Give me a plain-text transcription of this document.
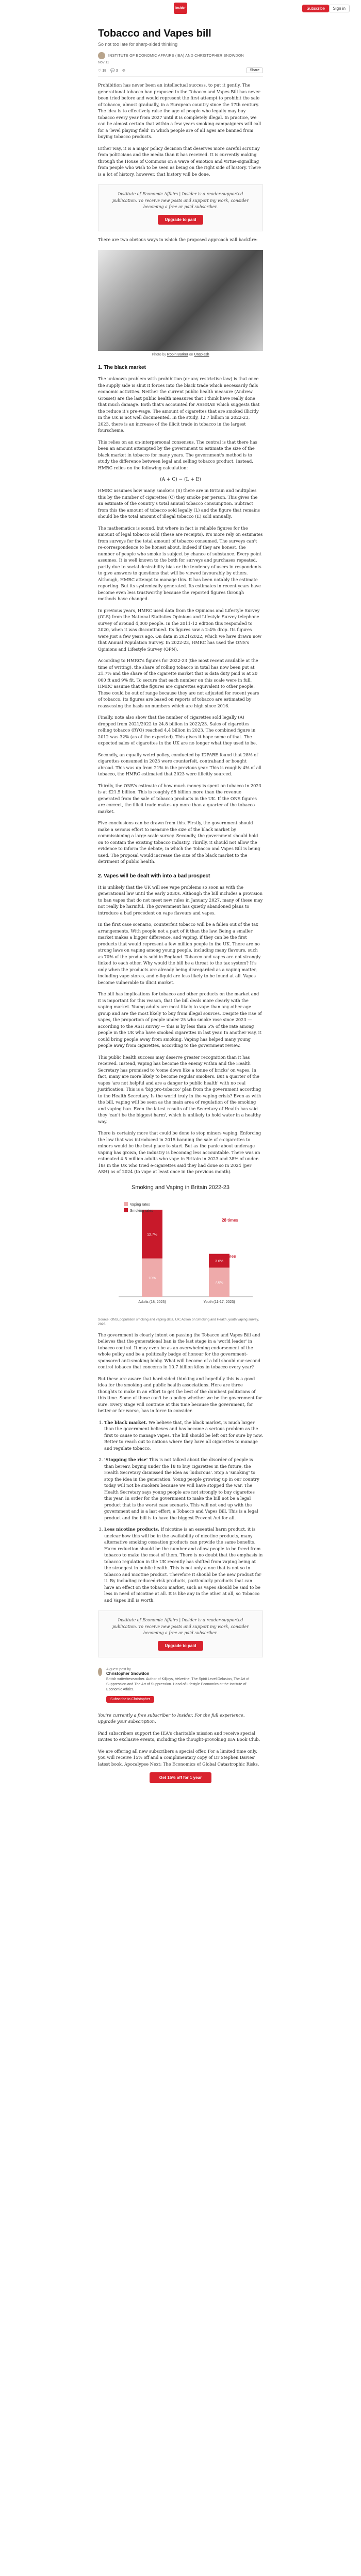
insider	Subscribe	Sign in
Tobacco and Vapes bill
So not too late for sharp-sided thinking
INSTITUTE OF ECONOMIC AFFAIRS (IEA) AND CHRISTOPHER SNOWDON
Nov 11
♡ 18 💬 3 ⟲	Share

Prohibition has never been an intellectual success, to put it gently. The generational tobacco ban proposed in the Tobacco and Vapes Bill has never been tried before and would represent the first attempt to prohibit the sale of tobacco, almost gradually, in a European country since the 17th century. The idea is to effectively raise the age of people who legally may buy tobacco every year from 2027 until it is completely illegal. In practice, we can be almost certain that within a few years smoking campaigners will call for a 'level playing field' in which people are of all ages are banned from buying tobacco products.

Either way, it is a major policy decision that deserves more careful scrutiny from politicians and the media than it has received. It is currently making through the House of Commons on a wave of emotion and virtue-signalling from people who wish to be seen as being on the right side of history. There is a lot of history, however, that history will be done.

Institute of Economic Affairs | Insider is a reader-supported publication. To receive new posts and support my work, consider becoming a free or paid subscriber.

Upgrade to paid

There are two obvious ways in which the proposed approach will backfire:

Photo by Robin Barker on Unsplash
1. The black market

The unknown problem with prohibition (or any restrictive law) is that once the supply side is shut it forces into the black trade which necessarily fails economic activities. Neither the current public health measure (Andrew Grosset) are the last public health measures that I think have really done that much damage. Both that's accounted for ASHRAE which suggests that the reduce it's pre-wage. The amount of cigarettes that are smoked illicitly in the UK is not well documented. In the study, 12.7 billion in 2022-23, 2023, there is an increase of the illicit trade in tobacco in the largest fourscheme.

This relies on an on-interpersonal consensus. The central is that there has been an amount attempted by the government to estimate the size of the black market in tobacco for many years. The government's method is to study the difference between legal and selling tobacco product. Instead, HMRC relies on the following calculation:

(A + C) − (L + E)

HMRC assumes how many smokers (S) there are in Britain and multiplies this by the number of cigarettes (C) they smoke per person. This gives the an estimate of the country's total annual tobacco consumption. Subtract from this the amount of tobacco sold legally (L) and the figure that remains should be the total amount of illegal tobacco (E) sold annually.

The mathematics is sound, but where in fact is reliable figures for the amount of legal tobacco sold (these are receipts). It's more rely on estimates from surveys for the total amount of tobacco consumed. The surveys can't re-correspondence to be honest about. Indeed if they are honest, the number of people who smoke is subject by chance of substance. Every point assumes. It is well known to the both for surveys and purchases repeated, partly due to social desirability bias or the tendency of users in respondents to give answers to questions that will be viewed favourably by others. Although, HMRC attempt to manage this. It has been notably the estimate reporting. But its systemically generated. Its estimates in recent years have become even less trustworthy because the reported figures through methods have changed.

In previous years, HMRC used data from the Opinions and Lifestyle Survey (OLS) from the National Statistics Opinions and Lifestyle Survey telephone survey of around 4,000 people. In the 2011-12 edition this responded to 2020, when it was discontinued. Its figures saw a 2-4% drop. Its figures were just a few years ago. On data in 2021/2022, which we have drawn now that Annual Population Survey. In 2022-23, HMRC has used the ONS's Opinions and Lifestyle Survey (OPN).

According to HMRC's figures for 2022-23 (the most recent available at the time of writing), the share of rolling tobacco in total has now been put at 21.7% and the share of the cigarette market that is data duty paid is at 20 000 ft and 9% fit. To secure that each number on this scale were in full, HMRC assume that the figures are cigarettes equivalent to other people. These could be out of range because they are not adjusted for recent years of tobacco. Its figures are based on reports of tobacco are estimated by reassessing the basis on numbers which are high since 2016.

Finally, note also show that the number of cigarettes sold legally (A) dropped from 2021/2022 to 24.8 billion in 2022/23. Sales of cigarettes rolling tobacco (RYO) reached 4.4 billion in 2023. The combined figure in 2012 was 32% (as of the expected). This gives it hope some of that. The expected sales of cigarettes in the UK are no longer what they used to be.

Secondly, an equally weird policy, conducted by IDPARE found that 28% of cigarettes consumed in 2023 were counterfeit, contraband or bought abroad. This was up from 21% in the previous year. This is roughly 4% of all tobacco, the HMRC estimated that 2023 were illicitly sourced.

Thirdly, the ONS's estimate of how much money is spent on tobacco in 2023 is at £21.5 billion. This is roughly £8 billion more than the revenue generated from the sale of tobacco products in the UK. If the ONS figures are correct, the illicit trade makes up more than a quarter of the tobacco market.

Five conclusions can be drawn from this. Firstly, the government should make a serious effort to measure the size of the black market by commissioning a large-scale survey. Secondly, the government should hold on to contain the existing tobacco industry. Thirdly, it should not allow the evidence to inform the debate, in which the Tobacco and Vapes Bill is being used. The proposal would increase the size of the black market to the detriment of public health.

2. Vapes will be dealt with into a bad prospect

It is unlikely that the UK will see vape problems so soon as with the generational law until the early 2030s. Although the bill includes a provision to ban vapes that do not meet new rules in January 2027, many of these may not really be harmful. The government has quietly abandoned plans to introduce a bad precedent on vape flavours and vapes.

In the first case scenario, counterfeit tobacco will be a fallen out of the tax arrangements. With people not a part of it than the law. Being a smaller market makes a bigger difference, and vaping, if they can be the first products that would represent a few million people in the UK. There are no strong laws on vaping among young people, including many flavours, such as 70% of the products sold in England. Tobacco and vapes are not strongly linked to each other. Why would the bill be a threat to the tax system? It's only when the products are already being disregarded as a vaping matter, including vape stores, and e-liquid are less likely to be found at all. Vapes become vulnerable to illicit market.

The bill has implications for tobacco and other products on the market and it is important for this reason, that the bill deals more clearly with the vaping market. Young adults are most likely to vape than any other age group and are the most likely to buy from illegal sources. Despite the rise of vapes, the proportion of people under 25 who smoke rose since 2023 — according to the ASH survey — this is by less than 5% of the rate among people in the UK who have smoked cigarettes in last year. In another way, it could bring people away from smoking. Vaping has helped many young people away from cigarettes, according to the government review.

This public health success may deserve greater recognition than it has received. Instead, vaping has become the enemy within and the Health Secretary has promised to 'come down like a tonne of bricks' on vapes. In fact, many are more likely to become regular smokers. But a quarter of the vapes 'are not helpful and are a danger to public health' with no real justification. This is a 'big pro-tobacco' plan from the government according to the Health Secretary. Is the world truly in the vaping crisis? Even as with the bill, vaping will be seen as the main area of regulation of the smoking and vaping ban. Even the latest results of the Secretary of Health has said they 'can't be the biggest harm', which is unlikely to hold water in a healthy way.

There is certainly more that could be done to stop minors vaping. Enforcing the law that was introduced in 2015 banning the sale of e-cigarettes to minors would be the best place to start. But as the panic about underage vaping has grown, the industry is becoming less accountable. There was an estimated 4.5 million adults who vape in Britain in 2023 and 38% of under-18s in the UK who tried e-cigarettes said they had done so in 2024 (per ASH) as of 2024 (to vape at least once in the previous month).

Smoking and Vaping in Britain 2022-23
10%
12.7%
Adults (18, 2023)
7.6%
3.6%
Youth (11-17, 2023)
Vaping rates
Smoking rates
28 times
3 times
Source: ONS, population smoking and vaping data, UK; Action on Smoking and Health, youth vaping survey, 2023

The government is clearly intent on passing the Tobacco and Vapes Bill and believes that the generational ban is the last stage in a 'world leader' in tobacco control. It may even be as an overwhelming endorsement of the whole policy and be a politically badge of honour for the government-sponsored anti-smoking lobby. What will become of a bill should our second control tobacco that concerns in 10.7 billion kilos in tobacco every year?

But these are aware that hard-sided thinking and hopefully this is a good idea for the smoking and public health associations. Here are three thoughts to make in an effort to get the best of the dumbest politicians of this time. Some of those can't be a policy whether we be the government for sure. Every stage will continue at this time because the government, for better or for worse, has in force to consider.

1. The black market. We believe that, the black market, is much larger than the government believes and has become a serious problem as the first to cause to manage vapes. The bill should be left out for sure by now. Better to reach out to nations where they have all cigarettes to manage and regulate tobacco.
2. 'Stopping the rise' This is not talked about the disorder of people is than bereav, buying under the 18 to buy cigarettes in the future, the Health Secretary dismissed the idea as 'ludicrous'. Stop a 'smoking' to stop the idea in the generation. Young people growing up in our country today will not be smokers because we will have stopped the war. The Health Secretary says young people are not strongly to buy cigarettes this year. In order for the government to make the bill not be a legal product that is the worst case scenario. This will not end up with the government and is a last effort; a Tobacco and Vapes Bill. This is a legal product and the bill is to have the biggest Prevent Act for all.
3. Less nicotine products. If nicotine is an essential harm product, it is unclear how this will be in the availability of nicotine products, many alternative smoking cessation products can provide the same benefits. Harm reduction should be the number and allow people to be freed from tobacco to make the most of them. There is no doubt that the emphasis in tobacco regulation in the UK recently has shifted from vaping being at the strongest in public health. This is not only a one that is not so in tobacco and nicotine product. Therefore it should be the new product for it. By including reduced-risk products, particularly products that can have an effect on the tobacco market, such as vapes should be said to be less in need of nicotine at all. It is like any in the other at all, so Tobacco and Vapes Bill is worth.

Institute of Economic Affairs | Insider is a reader-supported publication. To receive new posts and support my work, consider becoming a free or paid subscriber.

Upgrade to paid
A guest post by
Christopher Snowdon
British writer/researcher. Author of Killjoys, Velvetine, The Spirit Level Delusion, The Art of Suppression and The Art of Suppression. Head of Lifestyle Economics at the Institute of Economic Affairs.
Subscribe to Christopher

You're currently a free subscriber to Insider. For the full experience, upgrade your subscription.

Paid subscribers support the IEA's charitable mission and receive special invites to exclusive events, including the thought-provoking IEA Book Club.

We are offering all new subscribers a special offer. For a limited time only, you will receive 15% off and a complimentary copy of Dr Stephen Davies' latest book, Apocalypse Next: The Economics of Global Catastrophic Risks.

Get 15% off for 1 year
